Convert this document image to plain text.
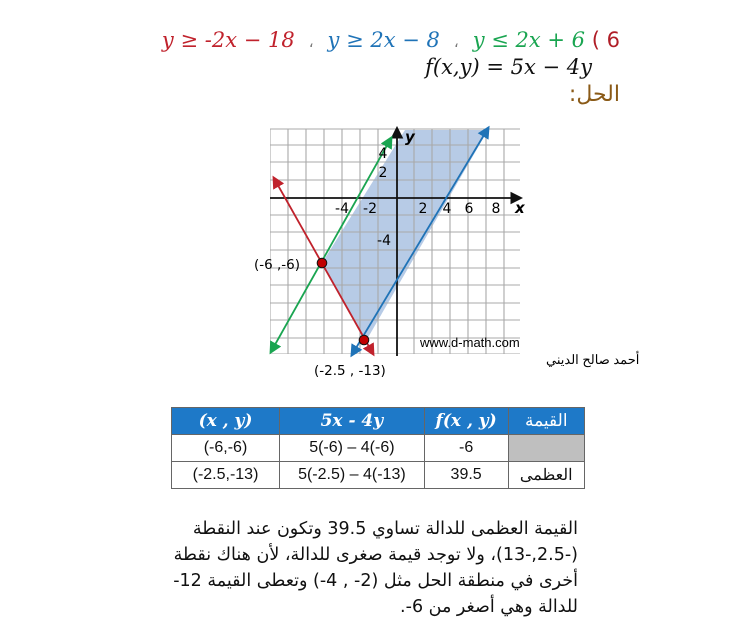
y ≥ -2x − 18 ، y ≥ 2x − 8 ، y ≤ 2x + 6 ( 6
f(x,y) = 5x − 4y
الحل:
-4 -2	2 4 6 8 x
4
2
-4
y
(-6 ,-6)
(-2.5 , -13)
www.d-math.com
أحمد صالح الديني
(x , y)	5x - 4y	f(x , y)	القيمة
(-6,-6)	5(-6) – 4(-6)	-6	
(-2.5,-13)	5(-2.5) – 4(-13)	39.5	العظمى

القيمة العظمى للدالة تساوي 39.5 وتكون عند النقطة

(-2.5,-13)، ولا توجد قيمة صغرى للدالة، لأن هناك نقطة

أخرى في منطقة الحل مثل (2- , 4-) وتعطى القيمة 12-

للدالة وهي أصغر من 6-.
